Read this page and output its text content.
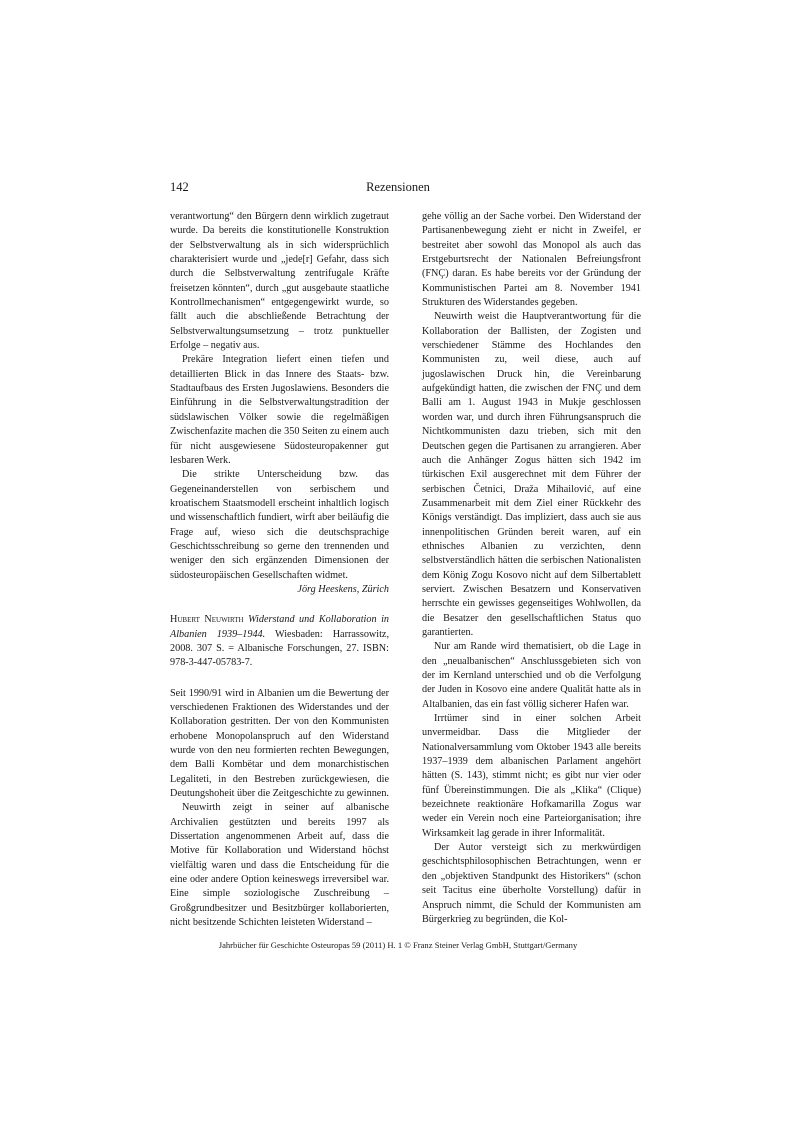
142	Rezensionen

verantwortung“ den Bürgern denn wirklich zugetraut wurde. Da bereits die konstitutionelle Konstruktion der Selbstverwaltung als in sich widersprüchlich charakterisiert wurde und „jede[r] Gefahr, dass sich durch die Selbstverwaltung zentrifugale Kräfte freisetzen könnten“, durch „gut ausgebaute staatliche Kontrollmechanismen“ entgegengewirkt wurde, so fällt auch die abschließende Betrachtung der Selbstverwaltungsumsetzung – trotz punktueller Erfolge – negativ aus.

Prekäre Integration liefert einen tiefen und detaillierten Blick in das Innere des Staats- bzw. Stadtaufbaus des Ersten Jugoslawiens. Besonders die Einführung in die Selbstverwaltungstradition der südslawischen Völker sowie die regelmäßigen Zwischenfazite machen die 350 Seiten zu einem auch für nicht ausgewiesene Südosteuropakenner gut lesbaren Werk.

Die strikte Unterscheidung bzw. das Gegeneinanderstellen von serbischem und kroatischem Staatsmodell erscheint inhaltlich logisch und wissenschaftlich fundiert, wirft aber beiläufig die Frage auf, wieso sich die deutschsprachige Geschichtsschreibung so gerne den trennenden und weniger den sich ergänzenden Dimensionen der südosteuropäischen Gesellschaften widmet.

Jörg Heeskens, Zürich

Hubert Neuwirth Widerstand und Kollaboration in Albanien 1939–1944. Wiesbaden: Harrassowitz, 2008. 307 S. = Albanische Forschungen, 27. ISBN: 978-3-447-05783-7.

Seit 1990/91 wird in Albanien um die Bewertung der verschiedenen Fraktionen des Widerstandes und der Kollaboration gestritten. Der von den Kommunisten erhobene Monopolanspruch auf den Widerstand wurde von den neu formierten rechten Bewegungen, dem Balli Kombëtar und dem monarchistischen Legaliteti, in den Bestreben zurückgewiesen, die Deutungshoheit über die Zeitgeschichte zu gewinnen.

Neuwirth zeigt in seiner auf albanische Archivalien gestützten und bereits 1997 als Dissertation angenommenen Arbeit auf, dass die Motive für Kollaboration und Widerstand höchst vielfältig waren und dass die Entscheidung für die eine oder andere Option keineswegs irreversibel war. Eine simple soziologische Zuschreibung – Großgrundbesitzer und Besitzbürger kollaborierten, nicht besitzende Schichten leisteten Widerstand –

gehe völlig an der Sache vorbei. Den Widerstand der Partisanenbewegung zieht er nicht in Zweifel, er bestreitet aber sowohl das Monopol als auch das Erstgeburtsrecht der Nationalen Befreiungsfront (FNÇ) daran. Es habe bereits vor der Gründung der Kommunistischen Partei am 8. November 1941 Strukturen des Widerstandes gegeben.

Neuwirth weist die Hauptverantwortung für die Kollaboration der Ballisten, der Zogisten und verschiedener Stämme des Hochlandes den Kommunisten zu, weil diese, auch auf jugoslawischen Druck hin, die Vereinbarung aufgekündigt hatten, die zwischen der FNÇ und dem Balli am 1. August 1943 in Mukje geschlossen worden war, und durch ihren Führungsanspruch die Nichtkommunisten dazu trieben, sich mit den Deutschen gegen die Partisanen zu arrangieren. Aber auch die Anhänger Zogus hätten sich 1942 im türkischen Exil ausgerechnet mit dem Führer der serbischen Četnici, Draža Mihailović, auf eine Zusammenarbeit mit dem Ziel einer Rückkehr des Königs verständigt. Das impliziert, dass auch sie aus innenpolitischen Gründen bereit waren, auf ein ethnisches Albanien zu verzichten, denn selbstverständlich hätten die serbischen Nationalisten dem König Zogu Kosovo nicht auf dem Silbertablett serviert. Zwischen Besatzern und Konservativen herrschte ein gewisses gegenseitiges Wohlwollen, da die Besatzer den gesellschaftlichen Status quo garantierten.

Nur am Rande wird thematisiert, ob die Lage in den „neualbanischen“ Anschlussgebieten sich von der im Kernland unterschied und ob die Verfolgung der Juden in Kosovo eine andere Qualität hatte als in Altalbanien, das ein fast völlig sicherer Hafen war.

Irrtümer sind in einer solchen Arbeit unvermeidbar. Dass die Mitglieder der Nationalversammlung vom Oktober 1943 alle bereits 1937–1939 dem albanischen Parlament angehört hätten (S. 143), stimmt nicht; es gibt nur vier oder fünf Übereinstimmungen. Die als „Klika“ (Clique) bezeichnete reaktionäre Hofkamarilla Zogus war weder ein Verein noch eine Parteiorganisation; ihre Wirksamkeit lag gerade in ihrer Informalität.

Der Autor versteigt sich zu merkwürdigen geschichtsphilosophischen Betrachtungen, wenn er den „objektiven Standpunkt des Historikers“ (schon seit Tacitus eine überholte Vorstellung) dafür in Anspruch nimmt, die Schuld der Kommunisten am Bürgerkrieg zu begründen, die Kol-

Jahrbücher für Geschichte Osteuropas 59 (2011) H. 1 © Franz Steiner Verlag GmbH, Stuttgart/Germany
